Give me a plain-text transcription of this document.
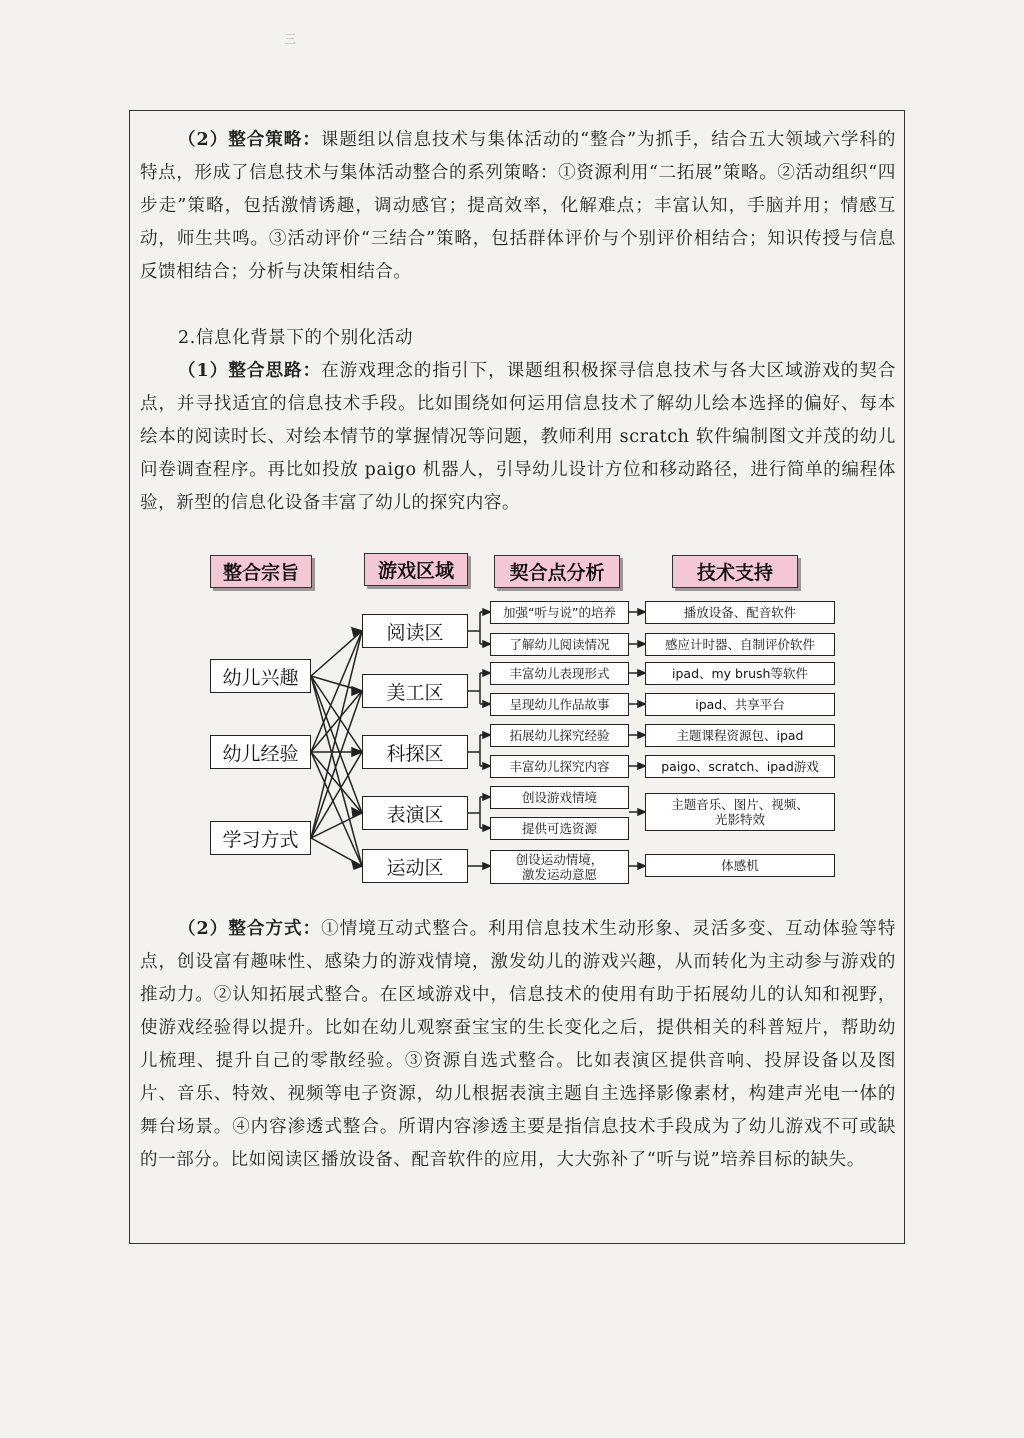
三

（2）整合策略：课题组以信息技术与集体活动的“整合”为抓手，结合五大领域六学科的特点，形成了信息技术与集体活动整合的系列策略：①资源利用“二拓展”策略。②活动组织“四步走”策略，包括激情诱趣，调动感官；提高效率，化解难点；丰富认知，手脑并用；情感互动，师生共鸣。③活动评价“三结合”策略，包括群体评价与个别评价相结合；知识传授与信息反馈相结合；分析与决策相结合。

2.信息化背景下的个别化活动

（1）整合思路：在游戏理念的指引下，课题组积极探寻信息技术与各大区域游戏的契合点，并寻找适宜的信息技术手段。比如围绕如何运用信息技术了解幼儿绘本选择的偏好、每本绘本的阅读时长、对绘本情节的掌握情况等问题，教师利用 scratch 软件编制图文并茂的幼儿问卷调查程序。再比如投放 paigo 机器人，引导幼儿设计方位和移动路径，进行简单的编程体验，新型的信息化设备丰富了幼儿的探究内容。

整合宗旨	游戏区域	契合点分析	技术支持
幼儿兴趣
幼儿经验
学习方式
阅读区
美工区
科探区
表演区
运动区
加强“听与说”的培养
了解幼儿阅读情况
丰富幼儿表现形式
呈现幼儿作品故事
拓展幼儿探究经验
丰富幼儿探究内容
创设游戏情境
提供可选资源
创设运动情境，
激发运动意愿
播放设备、配音软件
感应计时器、自制评价软件
ipad、my brush等软件
ipad、共享平台
主题课程资源包、ipad
paigo、scratch、ipad游戏
主题音乐、图片、视频、
光影特效
体感机

（2）整合方式：①情境互动式整合。利用信息技术生动形象、灵活多变、互动体验等特点，创设富有趣味性、感染力的游戏情境，激发幼儿的游戏兴趣，从而转化为主动参与游戏的推动力。②认知拓展式整合。在区域游戏中，信息技术的使用有助于拓展幼儿的认知和视野，使游戏经验得以提升。比如在幼儿观察蚕宝宝的生长变化之后，提供相关的科普短片，帮助幼儿梳理、提升自己的零散经验。③资源自选式整合。比如表演区提供音响、投屏设备以及图片、音乐、特效、视频等电子资源，幼儿根据表演主题自主选择影像素材，构建声光电一体的舞台场景。④内容渗透式整合。所谓内容渗透主要是指信息技术手段成为了幼儿游戏不可或缺的一部分。比如阅读区播放设备、配音软件的应用，大大弥补了“听与说”培养目标的缺失。
